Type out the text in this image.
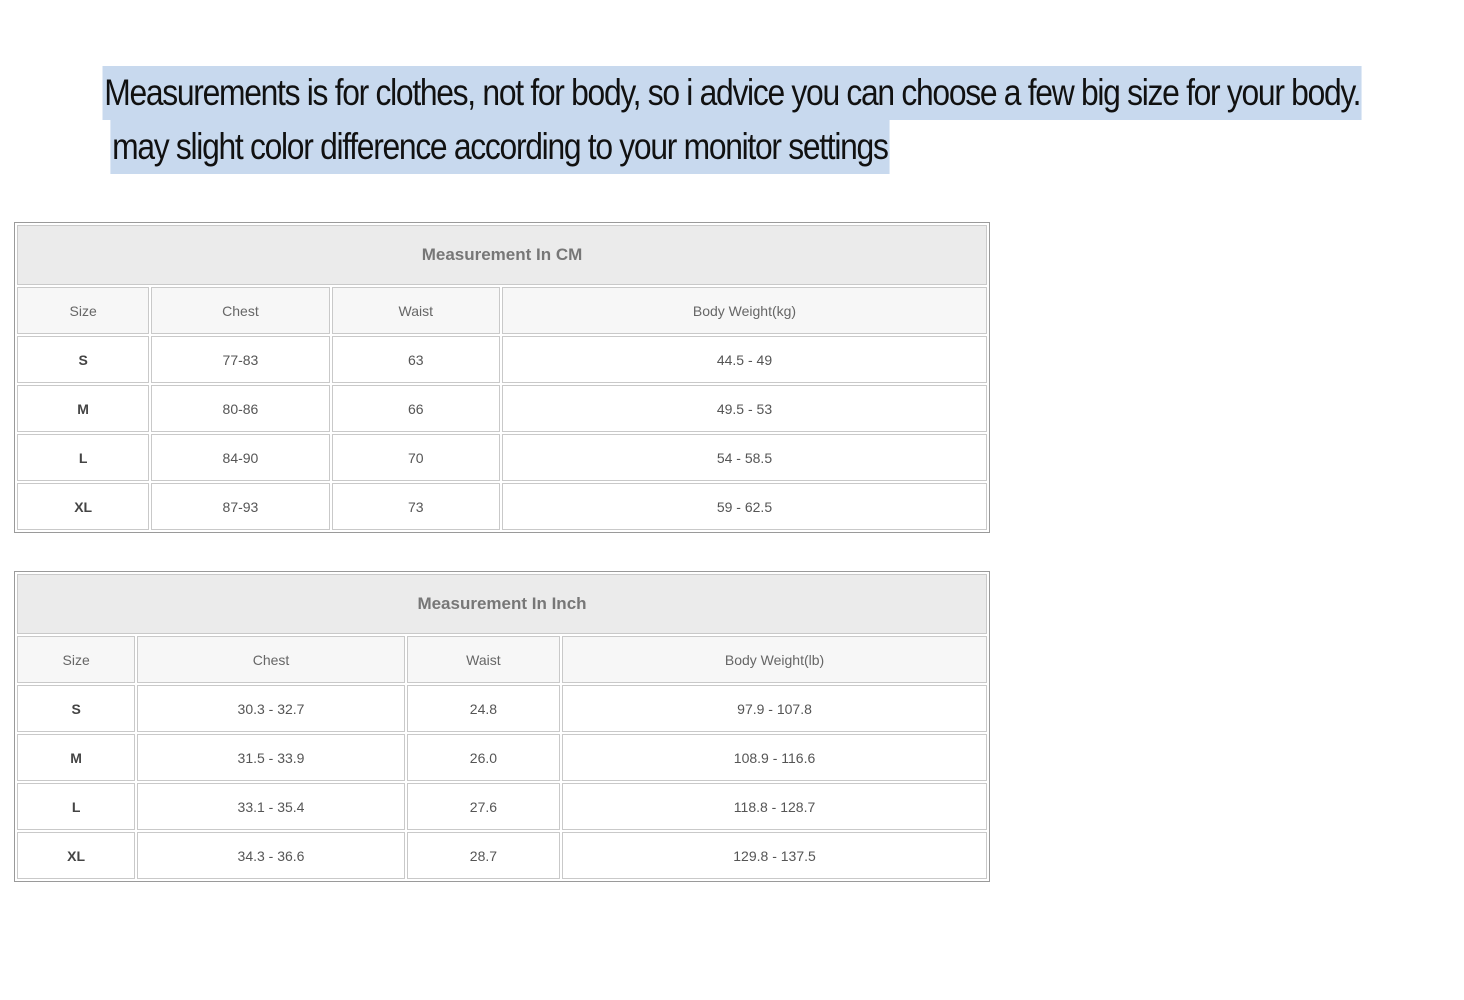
Measurements is for clothes, not for body, so i advice you can choose a few big size for your body.
may slight color difference according to your monitor settings
Measurement In CM			
Size	Chest	Waist	Body Weight(kg)
S	77-83	63	44.5 - 49
M	80-86	66	49.5 - 53
L	84-90	70	54 - 58.5
XL	87-93	73	59 - 62.5
Measurement In Inch			
Size	Chest	Waist	Body Weight(lb)
S	30.3 - 32.7	24.8	97.9 - 107.8
M	31.5 - 33.9	26.0	108.9 - 116.6
L	33.1 - 35.4	27.6	118.8 - 128.7
XL	34.3 - 36.6	28.7	129.8 - 137.5
